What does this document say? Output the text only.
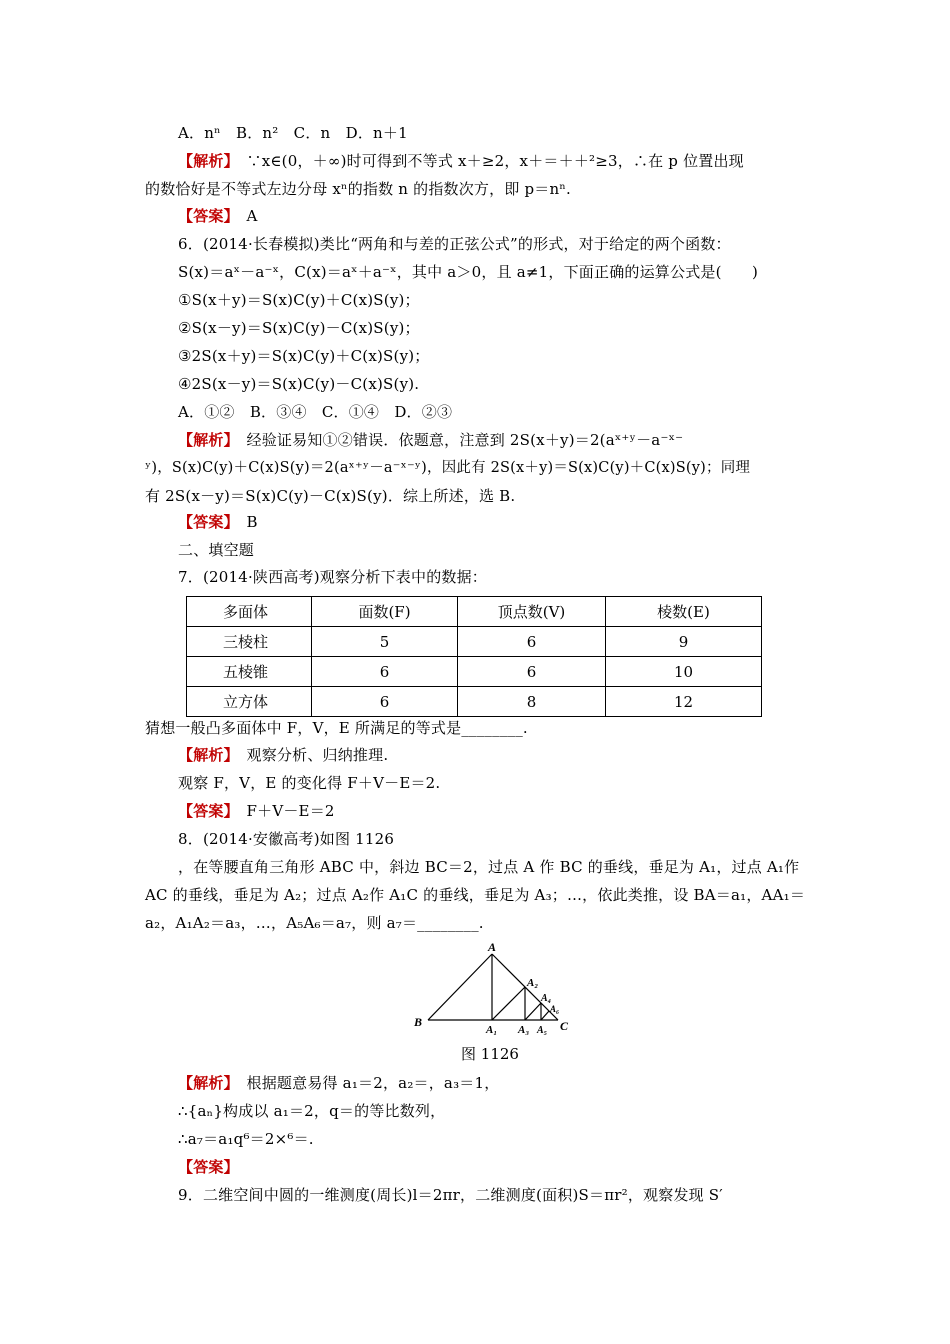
A．nⁿ　B．n²　C．n　D．n＋1
【解析】　∵x∈(0，＋∞)时可得到不等式 x＋≥2，x＋＝＋＋²≥3，∴在 p 位置出现
的数恰好是不等式左边分母 xⁿ的指数 n 的指数次方，即 p＝nⁿ.
【答案】　A
6．(2014·长春模拟)类比“两角和与差的正弦公式”的形式，对于给定的两个函数：
S(x)＝aˣ－a⁻ˣ，C(x)＝aˣ＋a⁻ˣ，其中 a＞0，且 a≠1，下面正确的运算公式是(　　)
①S(x＋y)＝S(x)C(y)＋C(x)S(y)；
②S(x－y)＝S(x)C(y)－C(x)S(y)；
③2S(x＋y)＝S(x)C(y)＋C(x)S(y)；
④2S(x－y)＝S(x)C(y)－C(x)S(y).
A．①②　B．③④　C．①④　D．②③
【解析】　经验证易知①②错误．依题意，注意到 2S(x＋y)＝2(aˣ⁺ʸ－a⁻ˣ⁻
ʸ)，S(x)C(y)＋C(x)S(y)＝2(aˣ⁺ʸ－a⁻ˣ⁻ʸ)，因此有 2S(x＋y)＝S(x)C(y)＋C(x)S(y)；同理
有 2S(x－y)＝S(x)C(y)－C(x)S(y)．综上所述，选 B.
【答案】　B
二、填空题
7．(2014·陕西高考)观察分析下表中的数据：
多面体	面数(F)	顶点数(V)	棱数(E)
三棱柱	5	6	9
五棱锥	6	6	10
立方体	6	8	12
猜想一般凸多面体中 F，V，E 所满足的等式是________.
【解析】　观察分析、归纳推理.
观察 F，V，E 的变化得 F＋V－E＝2.
【答案】　F＋V－E＝2
8．(2014·安徽高考)如图 1126
，在等腰直角三角形 ABC 中，斜边 BC＝2，过点 A 作 BC 的垂线，垂足为 A₁，过点 A₁作
AC 的垂线，垂足为 A₂；过点 A₂作 A₁C 的垂线，垂足为 A₃；…，依此类推，设 BA＝a₁，AA₁＝
a₂，A₁A₂＝a₃，…，A₅A₆＝a₇，则 a₇＝________.
A
B	C
A₁
A₂
A₃
A₄
A₅
A₆
图 1126
【解析】　根据题意易得 a₁＝2，a₂＝，a₃＝1，
∴{aₙ}构成以 a₁＝2，q＝的等比数列，
∴a₇＝a₁q⁶＝2×⁶＝.
【答案】
9．二维空间中圆的一维测度(周长)l＝2πr，二维测度(面积)S＝πr²，观察发现 S′
